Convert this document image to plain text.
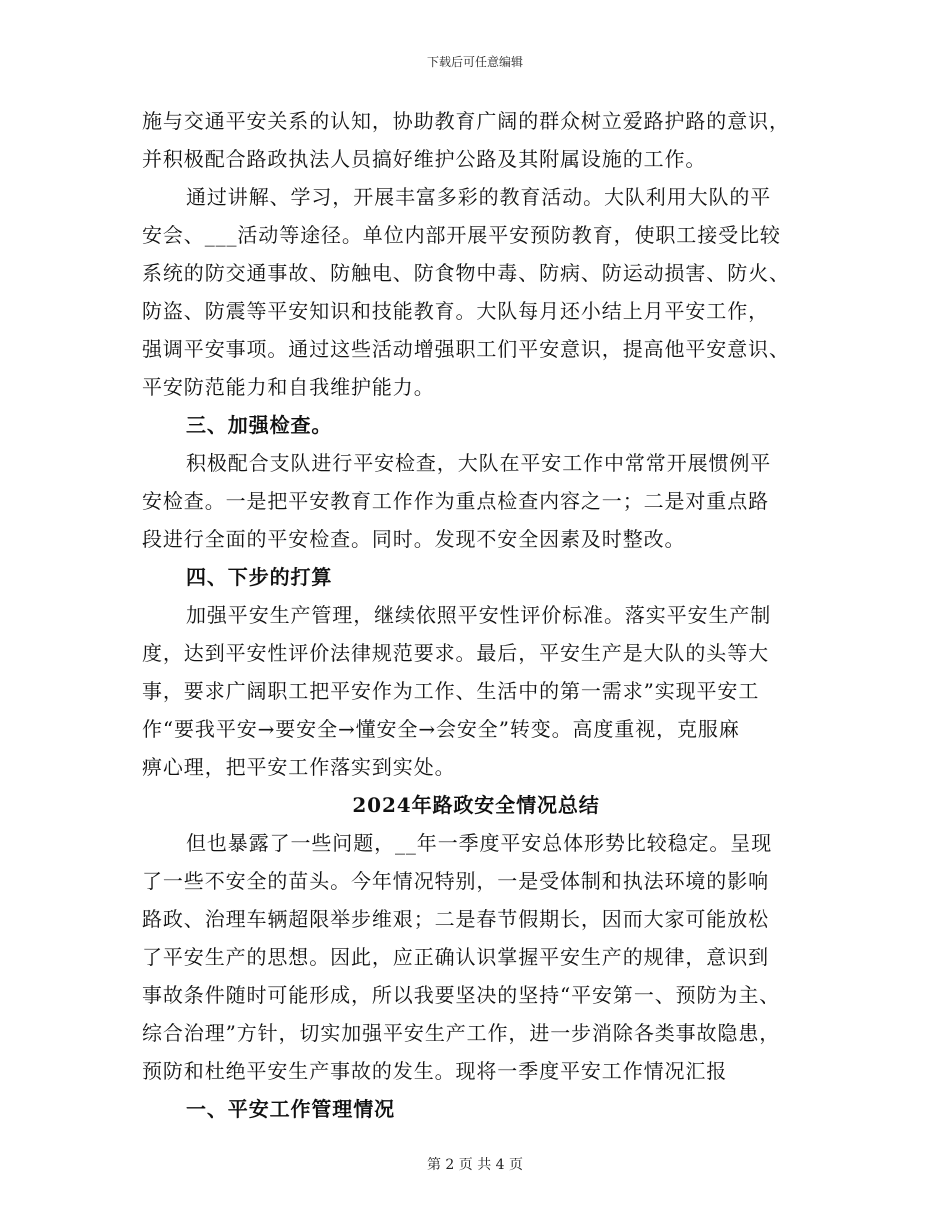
下载后可任意编辑
施与交通平安关系的认知，协助教育广阔的群众树立爱路护路的意识，
并积极配合路政执法人员搞好维护公路及其附属设施的工作。
通过讲解、学习，开展丰富多彩的教育活动。大队利用大队的平
安会、___活动等途径。单位内部开展平安预防教育，使职工接受比较
系统的防交通事故、防触电、防食物中毒、防病、防运动损害、防火、
防盗、防震等平安知识和技能教育。大队每月还小结上月平安工作，
强调平安事项。通过这些活动增强职工们平安意识，提高他平安意识、
平安防范能力和自我维护能力。
三、加强检查。
积极配合支队进行平安检查，大队在平安工作中常常开展惯例平
安检查。一是把平安教育工作作为重点检查内容之一；二是对重点路
段进行全面的平安检查。同时。发现不安全因素及时整改。
四、下步的打算
加强平安生产管理，继续依照平安性评价标准。落实平安生产制
度，达到平安性评价法律规范要求。最后，平安生产是大队的头等大
事，要求广阔职工把平安作为工作、生活中的第一需求”实现平安工
作“要我平安→要安全→懂安全→会安全”转变。高度重视，克服麻
痹心理，把平安工作落实到实处。
2024年路政安全情况总结
但也暴露了一些问题，__年一季度平安总体形势比较稳定。呈现
了一些不安全的苗头。今年情况特别，一是受体制和执法环境的影响
路政、治理车辆超限举步维艰；二是春节假期长，因而大家可能放松
了平安生产的思想。因此，应正确认识掌握平安生产的规律，意识到
事故条件随时可能形成，所以我要坚决的坚持“平安第一、预防为主、
综合治理”方针，切实加强平安生产工作，进一步消除各类事故隐患，
预防和杜绝平安生产事故的发生。现将一季度平安工作情况汇报
一、平安工作管理情况
第 2 页 共 4 页
